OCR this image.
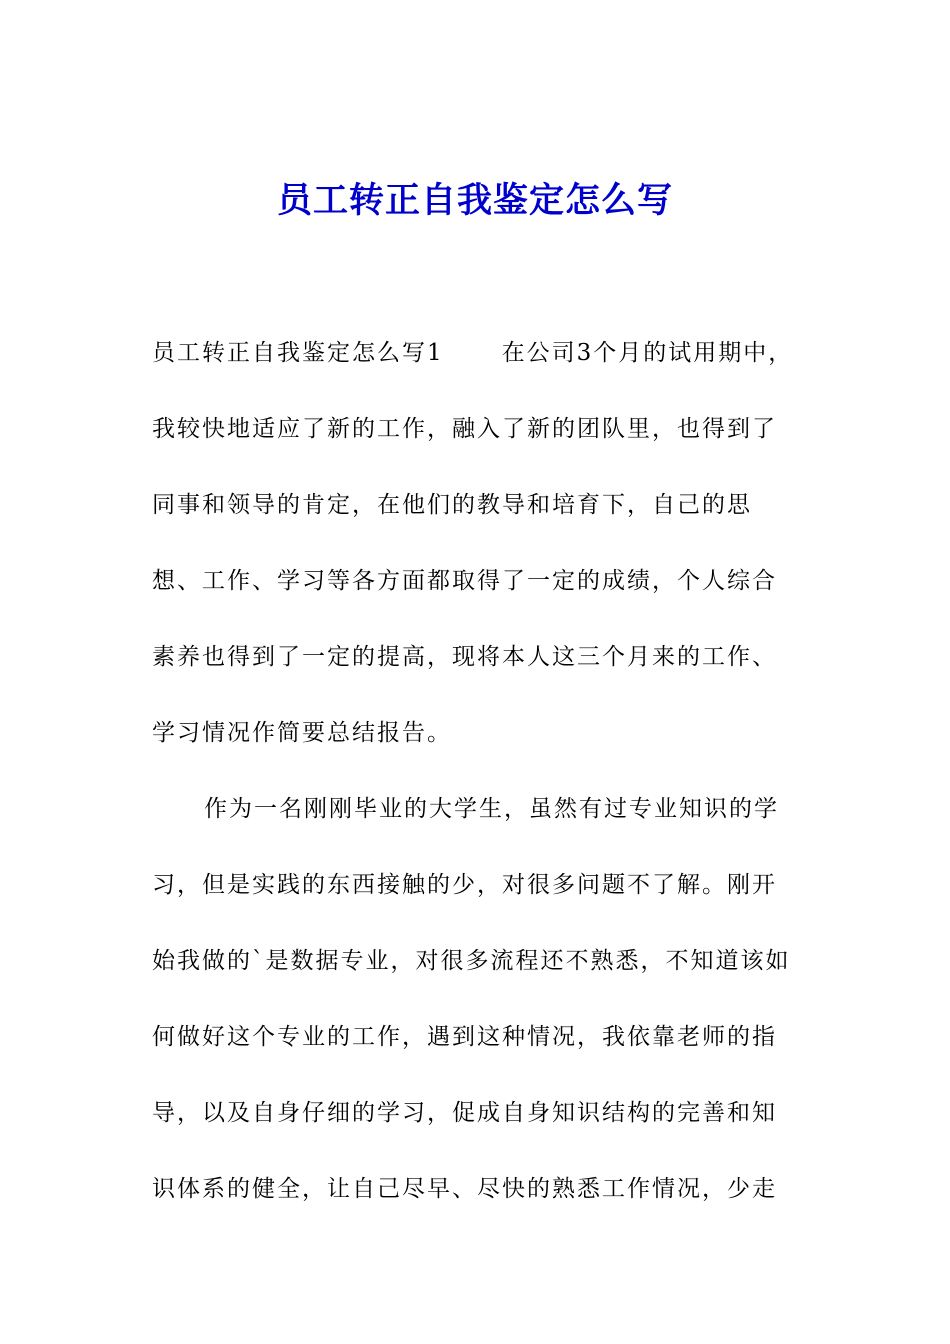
员工转正自我鉴定怎么写
员工转正自我鉴定怎么写1	在公司3个月的试用期中，
我较快地适应了新的工作，融入了新的团队里，也得到了
同事和领导的肯定，在他们的教导和培育下，自己的思
想、工作、学习等各方面都取得了一定的成绩，个人综合
素养也得到了一定的提高，现将本人这三个月来的工作、
学习情况作简要总结报告。
作为一名刚刚毕业的大学生，虽然有过专业知识的学
习，但是实践的东西接触的少，对很多问题不了解。刚开
始我做的`是数据专业，对很多流程还不熟悉，不知道该如
何做好这个专业的工作，遇到这种情况，我依靠老师的指
导，以及自身仔细的学习，促成自身知识结构的完善和知
识体系的健全，让自己尽早、尽快的熟悉工作情况，少走
